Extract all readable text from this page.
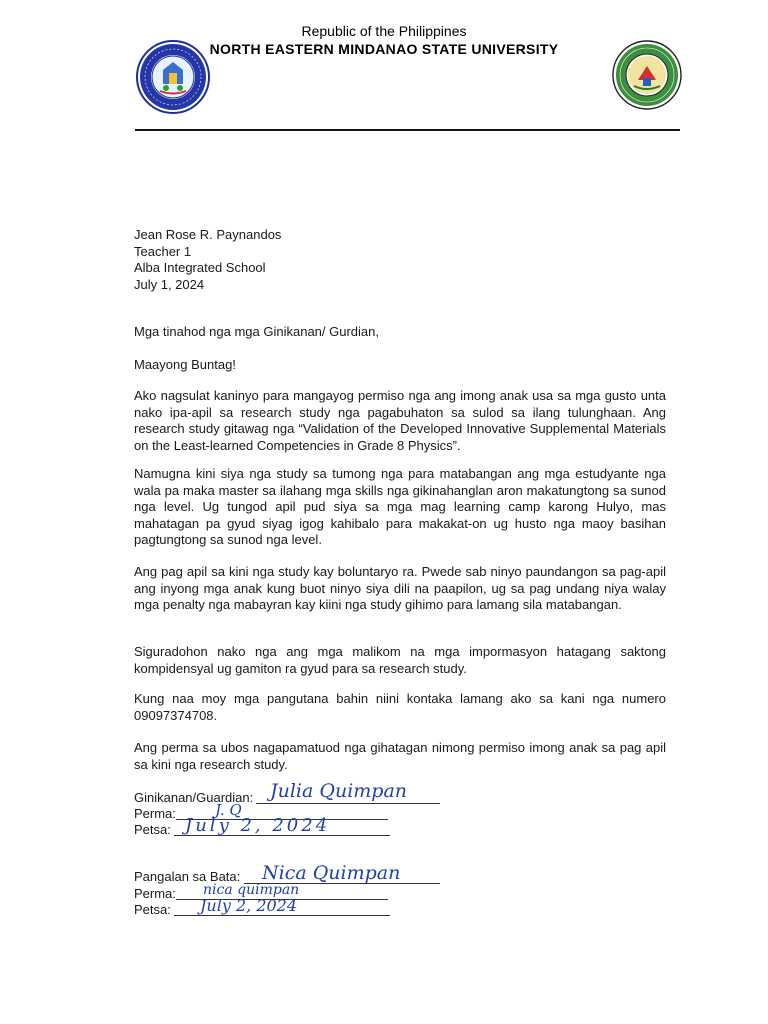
Republic of the Philippines
NORTH EASTERN MINDANAO STATE UNIVERSITY
Jean Rose R. Paynandos
Teacher 1
Alba Integrated School
July 1, 2024
Mga tinahod nga mga Ginikanan/ Gurdian,
Maayong Buntag!
Ako nagsulat kaninyo para mangayog permiso nga ang imong anak usa sa mga gusto unta nako ipa-apil sa research study nga pagabuhaton sa sulod sa ilang tulunghaan. Ang research study gitawag nga “Validation of the Developed Innovative Supplemental Materials on the Least-learned Competencies in Grade 8 Physics”.
Namugna kini siya nga study sa tumong nga para matabangan ang mga estudyante nga wala pa maka master sa ilahang mga skills nga gikinahanglan aron makatungtong sa sunod nga level. Ug tungod apil pud siya sa mga mag learning camp karong Hulyo, mas mahatagan pa gyud siyag igog kahibalo para makakat-on ug husto nga maoy basihan pagtungtong sa sunod nga level.
Ang pag apil sa kini nga study kay boluntaryo ra. Pwede sab ninyo paundangon sa pag-apil ang inyong mga anak kung buot ninyo siya dili na paapilon, ug sa pag undang niya walay mga penalty nga mabayran kay kiini nga study gihimo para lamang sila matabangan.
Siguradohon nako nga ang mga malikom na mga impormasyon hatagang saktong kompidensyal ug gamiton ra gyud para sa research study.
Kung naa moy mga pangutana bahin niini kontaka lamang ako sa kani nga numero 09097374708.
Ang perma sa ubos nagapamatuod nga gihatagan nimong permiso imong anak sa pag apil sa kini nga research study.
Ginikanan/Guardian: Julia Quimpan
Perma:	J. Q
Petsa: July 2, 2024
Pangalan sa Bata: Nica Quimpan
Perma: nica quimpan
Petsa: July 2, 2024
